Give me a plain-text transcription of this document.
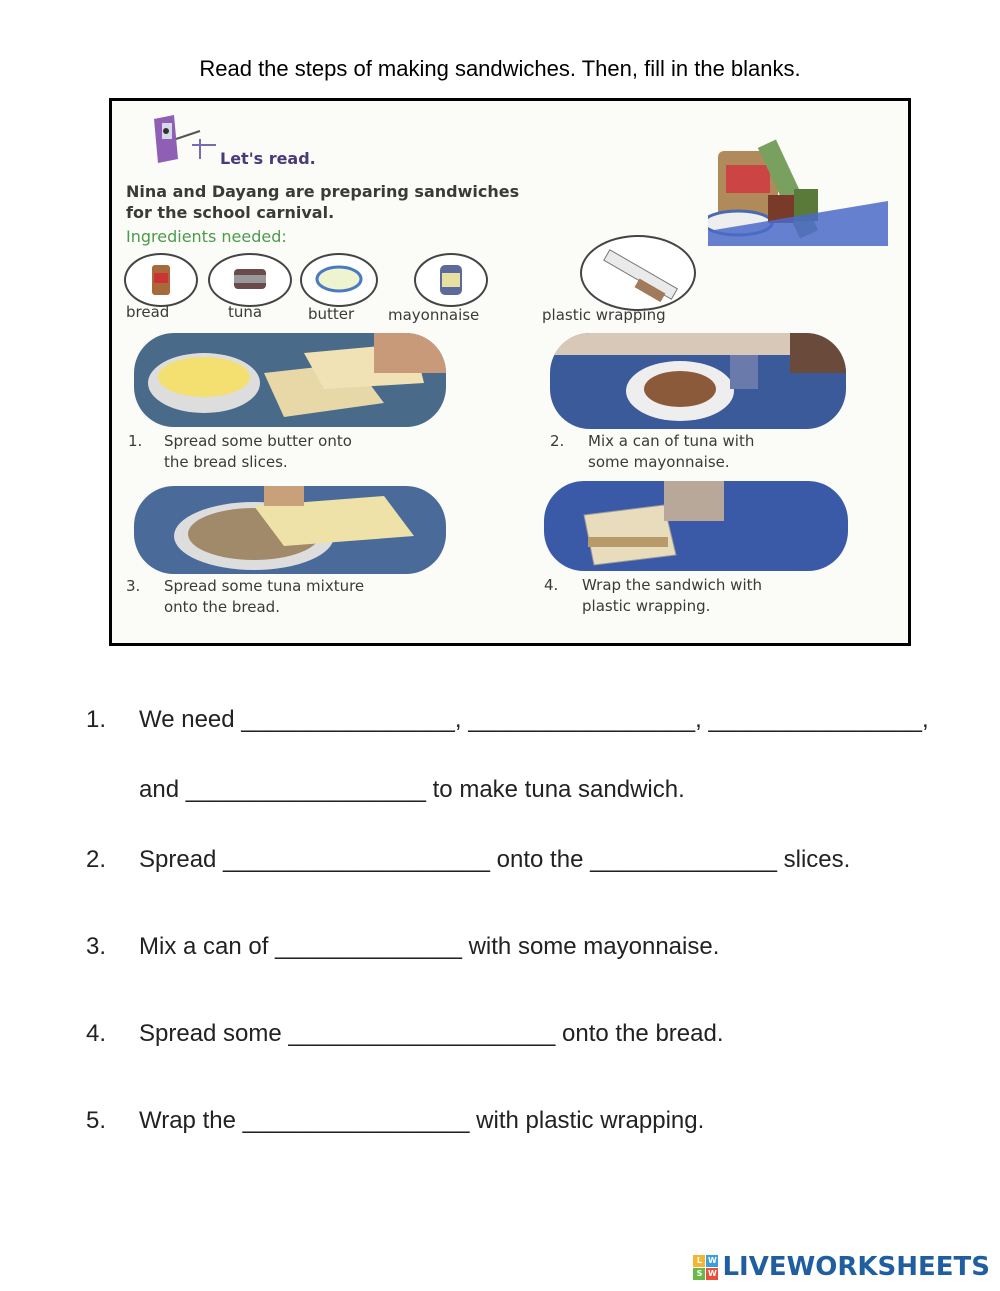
Read the steps of making sandwiches. Then, fill in the blanks.
Let's read.
Nina and Dayang are preparing sandwiches
for the school carnival.
Ingredients needed:
bread	tuna	butter mayonnaise	plastic wrapping
1. Spread some butter onto
the bread slices.
2. Mix a can of tuna with
some mayonnaise.
3. Spread some tuna mixture
onto the bread.
4. Wrap the sandwich with
plastic wrapping.
1. We need ________________, _________________, ________________,
and __________________ to make tuna sandwich.
2. Spread ____________________ onto the ______________ slices.
3. Mix a can of ______________ with some mayonnaise.
4. Spread some ____________________ onto the bread.
5. Wrap the _________________ with plastic wrapping.
L W
S W LIVEWORKSHEETS
